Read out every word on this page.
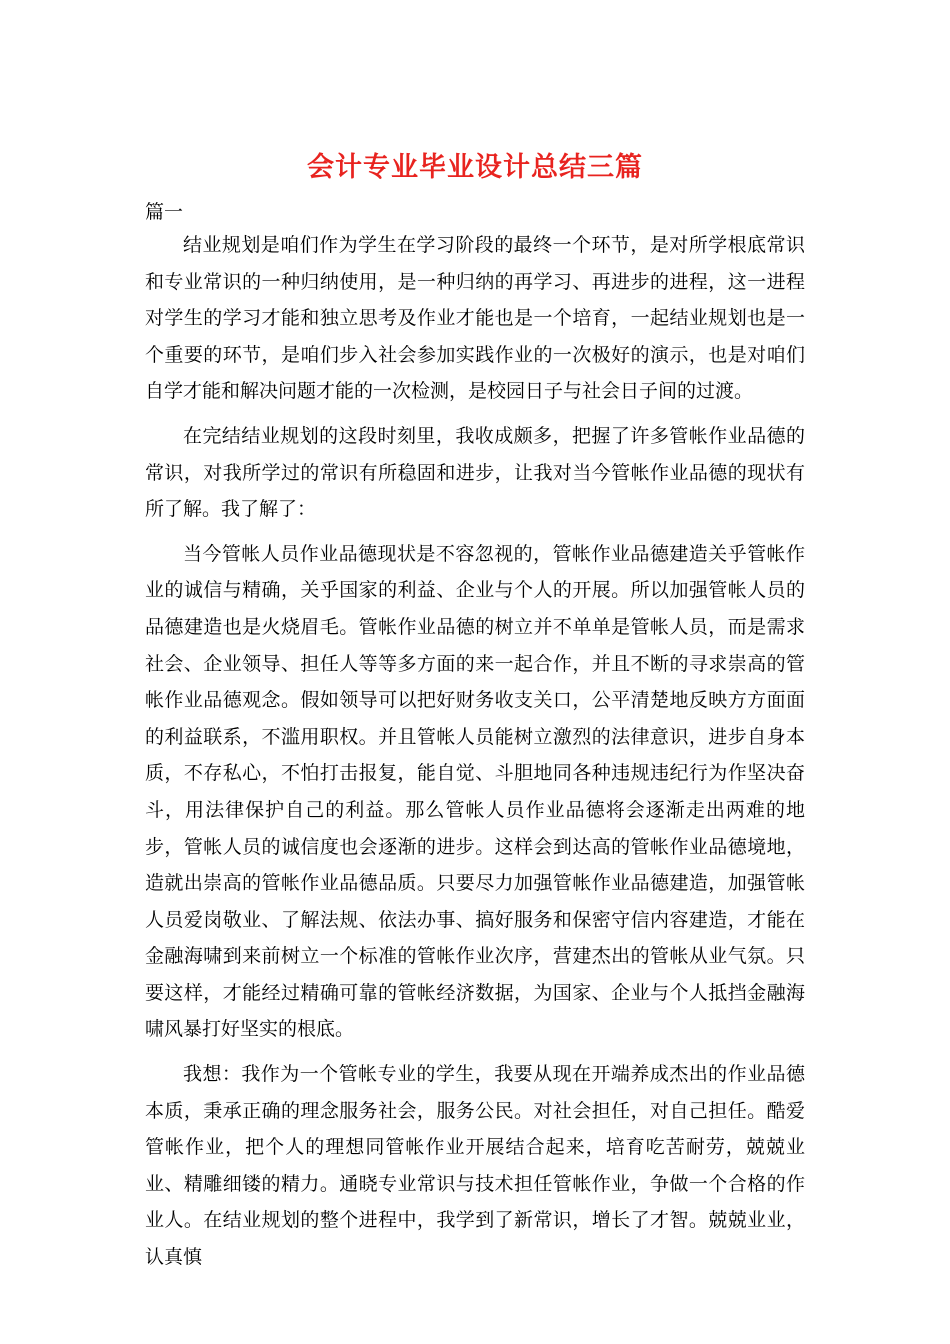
会计专业毕业设计总结三篇

篇一

结业规划是咱们作为学生在学习阶段的最终一个环节，是对所学根底常识和专业常识的一种归纳使用，是一种归纳的再学习、再进步的进程，这一进程对学生的学习才能和独立思考及作业才能也是一个培育，一起结业规划也是一个重要的环节，是咱们步入社会参加实践作业的一次极好的演示，也是对咱们自学才能和解决问题才能的一次检测，是校园日子与社会日子间的过渡。

在完结结业规划的这段时刻里，我收成颇多，把握了许多管帐作业品德的常识，对我所学过的常识有所稳固和进步，让我对当今管帐作业品德的现状有所了解。我了解了：

当今管帐人员作业品德现状是不容忽视的，管帐作业品德建造关乎管帐作业的诚信与精确，关乎国家的利益、企业与个人的开展。所以加强管帐人员的品德建造也是火烧眉毛。管帐作业品德的树立并不单单是管帐人员，而是需求社会、企业领导、担任人等等多方面的来一起合作，并且不断的寻求崇高的管帐作业品德观念。假如领导可以把好财务收支关口，公平清楚地反映方方面面的利益联系，不滥用职权。并且管帐人员能树立激烈的法律意识，进步自身本质，不存私心，不怕打击报复，能自觉、斗胆地同各种违规违纪行为作坚决奋斗，用法律保护自己的利益。那么管帐人员作业品德将会逐渐走出两难的地步，管帐人员的诚信度也会逐渐的进步。这样会到达高的管帐作业品德境地，造就出崇高的管帐作业品德品质。只要尽力加强管帐作业品德建造，加强管帐人员爱岗敬业、了解法规、依法办事、搞好服务和保密守信内容建造，才能在金融海啸到来前树立一个标准的管帐作业次序，营建杰出的管帐从业气氛。只要这样，才能经过精确可靠的管帐经济数据，为国家、企业与个人抵挡金融海啸风暴打好坚实的根底。

我想：我作为一个管帐专业的学生，我要从现在开端养成杰出的作业品德本质，秉承正确的理念服务社会，服务公民。对社会担任，对自己担任。酷爱管帐作业，把个人的理想同管帐作业开展结合起来，培育吃苦耐劳，兢兢业业、精雕细镂的精力。通晓专业常识与技术担任管帐作业，争做一个合格的作业人。在结业规划的整个进程中，我学到了新常识，增长了才智。兢兢业业，认真慎
